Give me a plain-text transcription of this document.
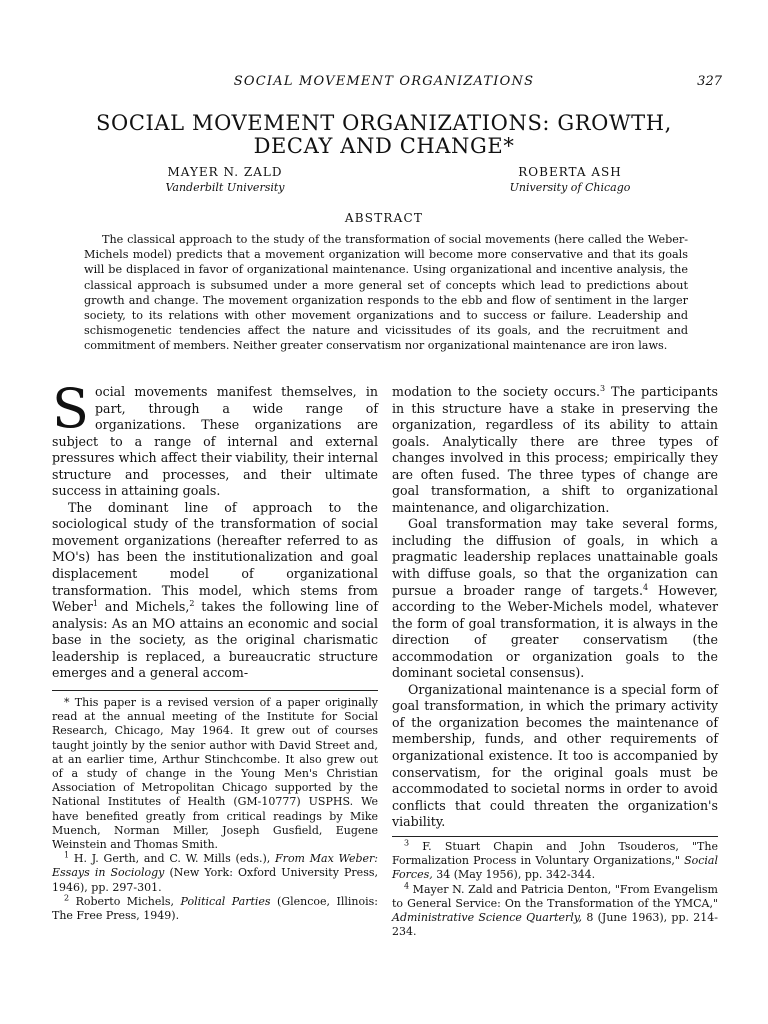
SOCIAL MOVEMENT ORGANIZATIONS	327
SOCIAL MOVEMENT ORGANIZATIONS: GROWTH,
DECAY AND CHANGE*
MAYER N. ZALD
Vanderbilt University
ROBERTA ASH
University of Chicago
ABSTRACT
The classical approach to the study of the transformation of social movements (here called the Weber-Michels model) predicts that a movement organization will become more conservative and that its goals will be displaced in favor of organizational maintenance. Using organizational and incentive analysis, the classical approach is subsumed under a more general set of concepts which lead to predictions about growth and change. The movement organization responds to the ebb and flow of sentiment in the larger society, to its relations with other movement organizations and to success or failure. Leadership and schismogenetic tendencies affect the nature and vicissitudes of its goals, and the recruitment and commitment of members. Neither greater conservatism nor organizational maintenance are iron laws.

Social movements manifest themselves, in part, through a wide range of organizations. These organizations are subject to a range of internal and external pressures which affect their viability, their internal structure and processes, and their ultimate success in attaining goals.

The dominant line of approach to the sociological study of the transformation of social movement organizations (hereafter referred to as MO's) has been the institutionalization and goal displacement model of organizational transformation. This model, which stems from Weber$^1$ and Michels,$^2$ takes the following line of analysis: As an MO attains an economic and social base in the society, as the original charismatic leadership is replaced, a bureaucratic structure emerges and a general accom-

* This paper is a revised version of a paper originally read at the annual meeting of the Institute for Social Research, Chicago, May 1964. It grew out of courses taught jointly by the senior author with David Street and, at an earlier time, Arthur Stinchcombe. It also grew out of a study of change in the Young Men's Christian Association of Metropolitan Chicago supported by the National Institutes of Health (GM-10777) USPHS. We have benefited greatly from critical readings by Mike Muench, Norman Miller, Joseph Gusfield, Eugene Weinstein and Thomas Smith.

$^1$ H. J. Gerth, and C. W. Mills (eds.), From Max Weber: Essays in Sociology (New York: Oxford University Press, 1946), pp. 297-301.

$^2$ Roberto Michels, Political Parties (Glencoe, Illinois: The Free Press, 1949).

modation to the society occurs.$^3$ The participants in this structure have a stake in preserving the organization, regardless of its ability to attain goals. Analytically there are three types of changes involved in this process; empirically they are often fused. The three types of change are goal transformation, a shift to organizational maintenance, and oligarchization.

Goal transformation may take several forms, including the diffusion of goals, in which a pragmatic leadership replaces unattainable goals with diffuse goals, so that the organization can pursue a broader range of targets.$^4$ However, according to the Weber-Michels model, whatever the form of goal transformation, it is always in the direction of greater conservatism (the accommodation or organization goals to the dominant societal consensus).

Organizational maintenance is a special form of goal transformation, in which the primary activity of the organization becomes the maintenance of membership, funds, and other requirements of organizational existence. It too is accompanied by conservatism, for the original goals must be accommodated to societal norms in order to avoid conflicts that could threaten the organization's viability.

$^3$ F. Stuart Chapin and John Tsouderos, "The Formalization Process in Voluntary Organizations," Social Forces, 34 (May 1956), pp. 342-344.

$^4$ Mayer N. Zald and Patricia Denton, "From Evangelism to General Service: On the Transformation of the YMCA," Administrative Science Quarterly, 8 (June 1963), pp. 214-234.
